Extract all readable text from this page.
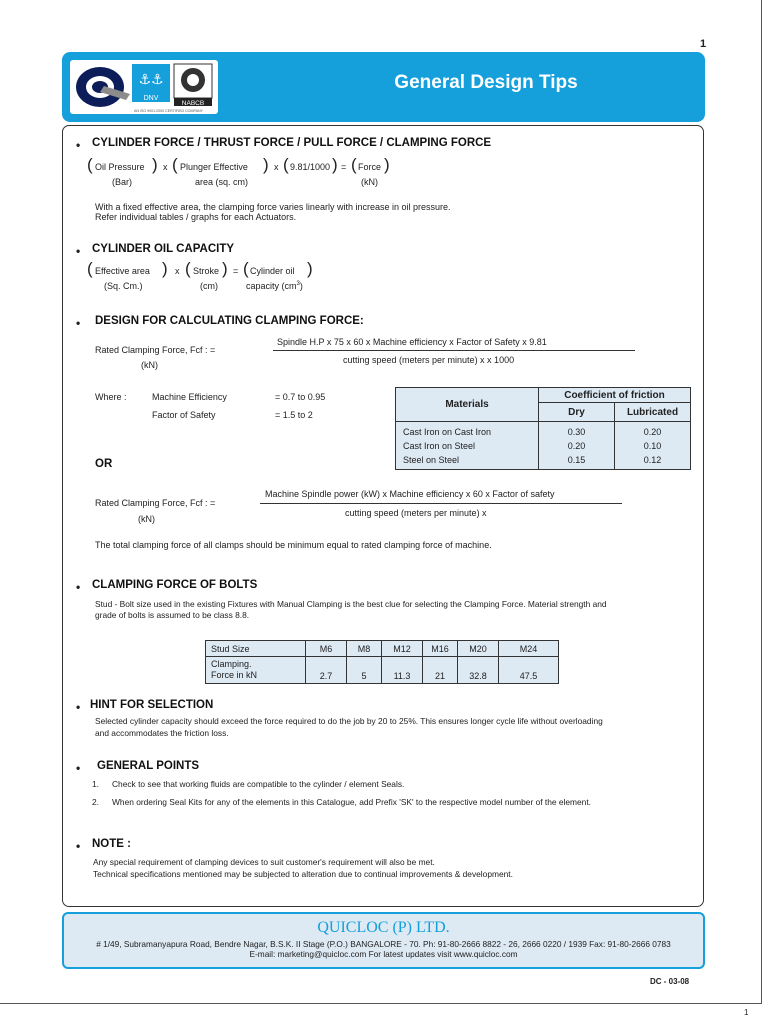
1
⚓⚓
DNV
NABCB
AN ISO 9001:2000 CERTIFIED COMPANY
General Design Tips
• CYLINDER FORCE / THRUST FORCE / PULL FORCE / CLAMPING FORCE
( Oil Pressure )
(Bar)
x ( Plunger Effective )
area (sq. cm)
x ( 9.81/1000 ) = ( Force )
(kN)
With a fixed effective area, the clamping force varies linearly with increase in oil pressure.
Refer individual tables / graphs for each Actuators.
• CYLINDER OIL CAPACITY
( Effective area )
(Sq. Cm.)
x ( Stroke )
(cm)
= ( Cylinder oil )
capacity $(cm^3)$
• DESIGN FOR CALCULATING CLAMPING FORCE:
Rated Clamping Force, Fcf : =
(kN)
Spindle H.P x 75 x 60 x Machine efficiency x Factor of Safety x 9.81
cutting speed (meters per minute) x x 1000
Where :	Machine Efficiency	= 0.7 to 0.95
Factor of Safety	= 1.5 to 2
Materials	Coefficient of friction	
	Dry	Lubricated
Cast Iron on Cast Iron	0.30	0.20
Cast Iron on Steel	0.20	0.10
Steel on Steel	0.15	0.12
OR
Rated Clamping Force, Fcf : =
(kN)
Machine Spindle power (kW) x Machine efficiency x 60 x Factor of safety
cutting speed (meters per minute) x
The total clamping force of all clamps should be minimum equal to rated clamping force of machine.
• CLAMPING FORCE OF BOLTS
Stud - Bolt size used in the existing Fixtures with Manual Clamping is the best clue for selecting the Clamping Force. Material strength and
grade of bolts is assumed to be class 8.8.
Stud Size	M6	M8	M12	M16	M20	M24
Clamping.
Force in kN	2.7	5	11.3	21	32.8	47.5
• HINT FOR SELECTION
Selected cylinder capacity should exceed the force required to do the job by 20 to 25%. This ensures longer cycle life without overloading
and accommodates the friction loss.
• GENERAL POINTS
1. Check to see that working fluids are compatible to the cylinder / element Seals.
2. When ordering Seal Kits for any of the elements in this Catalogue, add Prefix 'SK' to the respective model number of the element.
• NOTE :
Any special requirement of clamping devices to suit customer's requirement will also be met.
Technical specifications mentioned may be subjected to alteration due to continual improvements & development.
QUICLOC (P) LTD.
# 1/49, Subramanyapura Road, Bendre Nagar, B.S.K. II Stage (P.O.) BANGALORE - 70. Ph: 91-80-2666 8822 - 26, 2666 0220 / 1939 Fax: 91-80-2666 0783
E-mail: marketing@quicloc.com For latest updates visit www.quicloc.com
DC - 03-08
1
